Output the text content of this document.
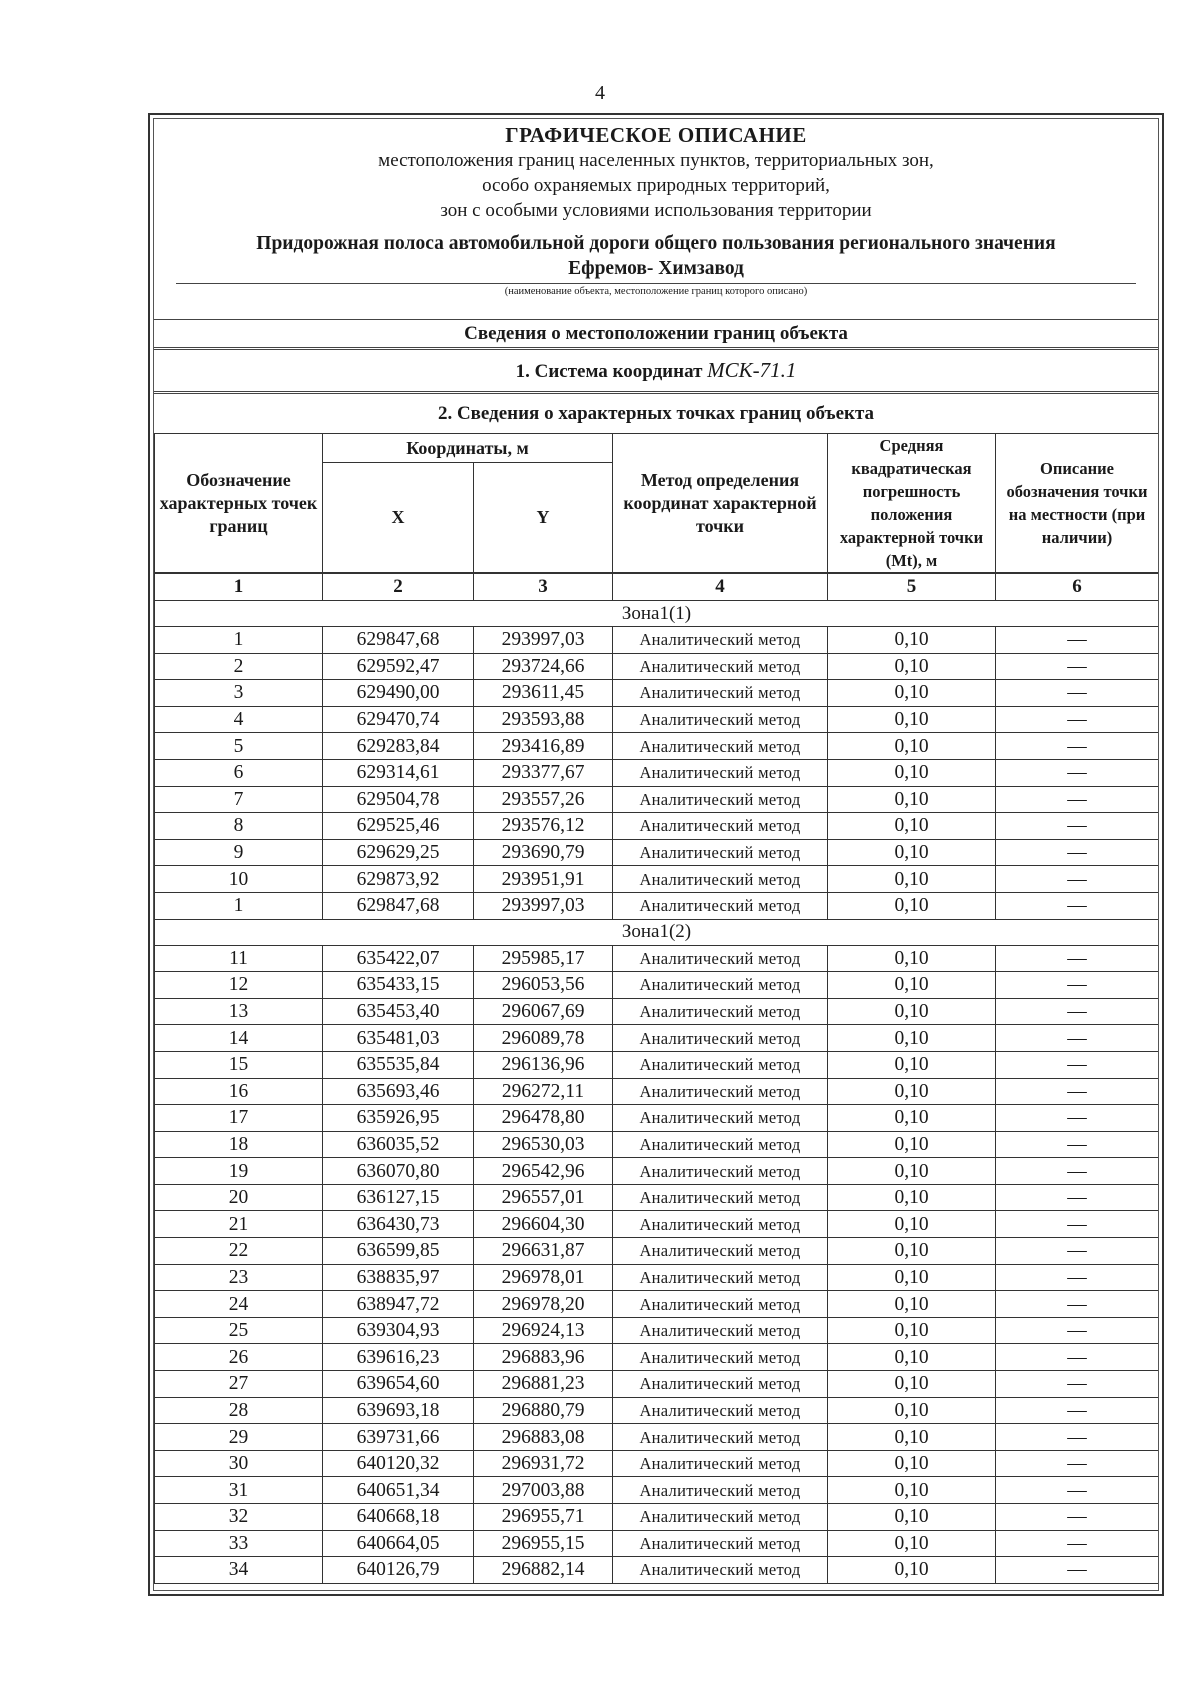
4
ГРАФИЧЕСКОЕ ОПИСАНИЕ
местоположения границ населенных пунктов, территориальных зон,
особо охраняемых природных территорий,
зон с особыми условиями использования территории
Придорожная полоса автомобильной дороги общего пользования регионального значения
Ефремов- Химзавод
(наименование объекта, местоположение границ которого описано)
Сведения о местоположении границ объекта
1. Система координат МСК-71.1
2. Сведения о характерных точках границ объекта
Обозначение характерных точек границ	Координаты, м		Метод определения координат характерной точки	Средняя квадратическая погрешность положения характерной точки (Mt), м	Описание обозначения точки на местности (при наличии)
	X	Y			
1	2	3	4	5	6
Зона1(1)					
1	629847,68	293997,03	Аналитический метод	0,10	—
2	629592,47	293724,66	Аналитический метод	0,10	—
3	629490,00	293611,45	Аналитический метод	0,10	—
4	629470,74	293593,88	Аналитический метод	0,10	—
5	629283,84	293416,89	Аналитический метод	0,10	—
6	629314,61	293377,67	Аналитический метод	0,10	—
7	629504,78	293557,26	Аналитический метод	0,10	—
8	629525,46	293576,12	Аналитический метод	0,10	—
9	629629,25	293690,79	Аналитический метод	0,10	—
10	629873,92	293951,91	Аналитический метод	0,10	—
1	629847,68	293997,03	Аналитический метод	0,10	—
Зона1(2)					
11	635422,07	295985,17	Аналитический метод	0,10	—
12	635433,15	296053,56	Аналитический метод	0,10	—
13	635453,40	296067,69	Аналитический метод	0,10	—
14	635481,03	296089,78	Аналитический метод	0,10	—
15	635535,84	296136,96	Аналитический метод	0,10	—
16	635693,46	296272,11	Аналитический метод	0,10	—
17	635926,95	296478,80	Аналитический метод	0,10	—
18	636035,52	296530,03	Аналитический метод	0,10	—
19	636070,80	296542,96	Аналитический метод	0,10	—
20	636127,15	296557,01	Аналитический метод	0,10	—
21	636430,73	296604,30	Аналитический метод	0,10	—
22	636599,85	296631,87	Аналитический метод	0,10	—
23	638835,97	296978,01	Аналитический метод	0,10	—
24	638947,72	296978,20	Аналитический метод	0,10	—
25	639304,93	296924,13	Аналитический метод	0,10	—
26	639616,23	296883,96	Аналитический метод	0,10	—
27	639654,60	296881,23	Аналитический метод	0,10	—
28	639693,18	296880,79	Аналитический метод	0,10	—
29	639731,66	296883,08	Аналитический метод	0,10	—
30	640120,32	296931,72	Аналитический метод	0,10	—
31	640651,34	297003,88	Аналитический метод	0,10	—
32	640668,18	296955,71	Аналитический метод	0,10	—
33	640664,05	296955,15	Аналитический метод	0,10	—
34	640126,79	296882,14	Аналитический метод	0,10	—
